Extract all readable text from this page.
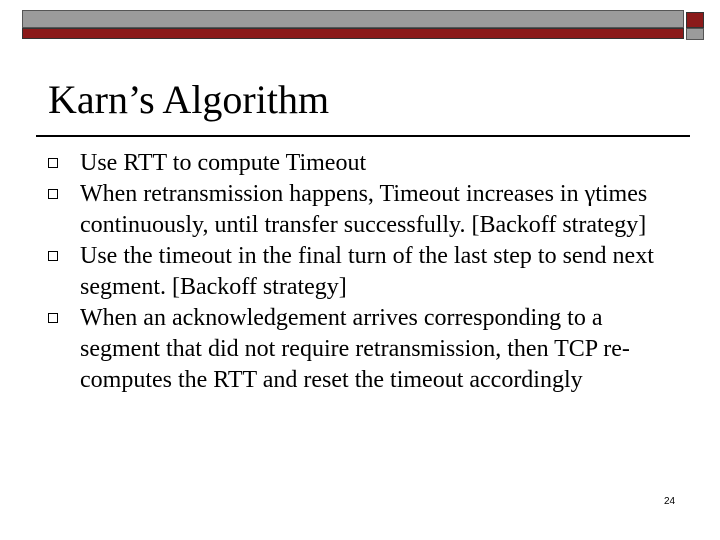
Karn’s Algorithm
Use RTT to compute Timeout
When retransmission happens, Timeout increases in γtimes continuously, until transfer successfully. [Backoff strategy]
Use the timeout in the final turn of the last step to send next segment. [Backoff strategy]
When an acknowledgement arrives corresponding to a segment that did not require retransmission, then TCP re-computes the RTT and reset the timeout accordingly
24
